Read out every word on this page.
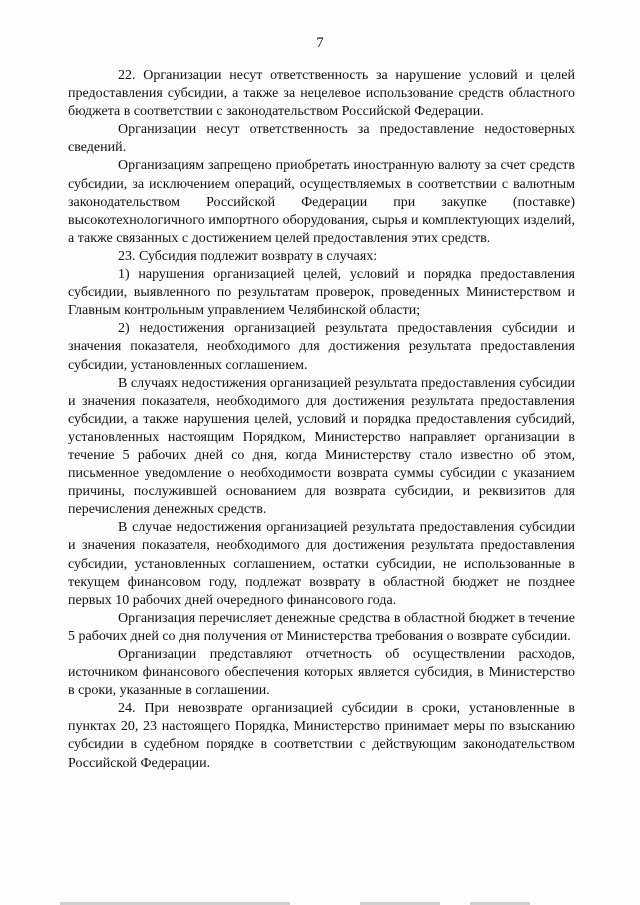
7

22. Организации несут ответственность за нарушение условий и целей предоставления субсидии, а также за нецелевое использование средств областного бюджета в соответствии с законодательством Российской Федерации.

Организации несут ответственность за предоставление недостоверных сведений.

Организациям запрещено приобретать иностранную валюту за счет средств субсидии, за исключением операций, осуществляемых в соответствии с валютным законодательством Российской Федерации при закупке (поставке) высокотехнологичного импортного оборудования, сырья и комплектующих изделий, а также связанных с достижением целей предоставления этих средств.

23. Субсидия подлежит возврату в случаях:

1) нарушения организацией целей, условий и порядка предоставления субсидии, выявленного по результатам проверок, проведенных Министерством и Главным контрольным управлением Челябинской области;

2) недостижения организацией результата предоставления субсидии и значения показателя, необходимого для достижения результата предоставления субсидии, установленных соглашением.

В случаях недостижения организацией результата предоставления субсидии и значения показателя, необходимого для достижения результата предоставления субсидии, а также нарушения целей, условий и порядка предоставления субсидий, установленных настоящим Порядком, Министерство направляет организации в течение 5 рабочих дней со дня, когда Министерству стало известно об этом, письменное уведомление о необходимости возврата суммы субсидии с указанием причины, послужившей основанием для возврата субсидии, и реквизитов для перечисления денежных средств.

В случае недостижения организацией результата предоставления субсидии и значения показателя, необходимого для достижения результата предоставления субсидии, установленных соглашением, остатки субсидии, не использованные в текущем финансовом году, подлежат возврату в областной бюджет не позднее первых 10 рабочих дней очередного финансового года.

Организация перечисляет денежные средства в областной бюджет в течение 5 рабочих дней со дня получения от Министерства требования о возврате субсидии.

Организации представляют отчетность об осуществлении расходов, источником финансового обеспечения которых является субсидия, в Министерство в сроки, указанные в соглашении.

24. При невозврате организацией субсидии в сроки, установленные в пунктах 20, 23 настоящего Порядка, Министерство принимает меры по взысканию субсидии в судебном порядке в соответствии с действующим законодательством Российской Федерации.
